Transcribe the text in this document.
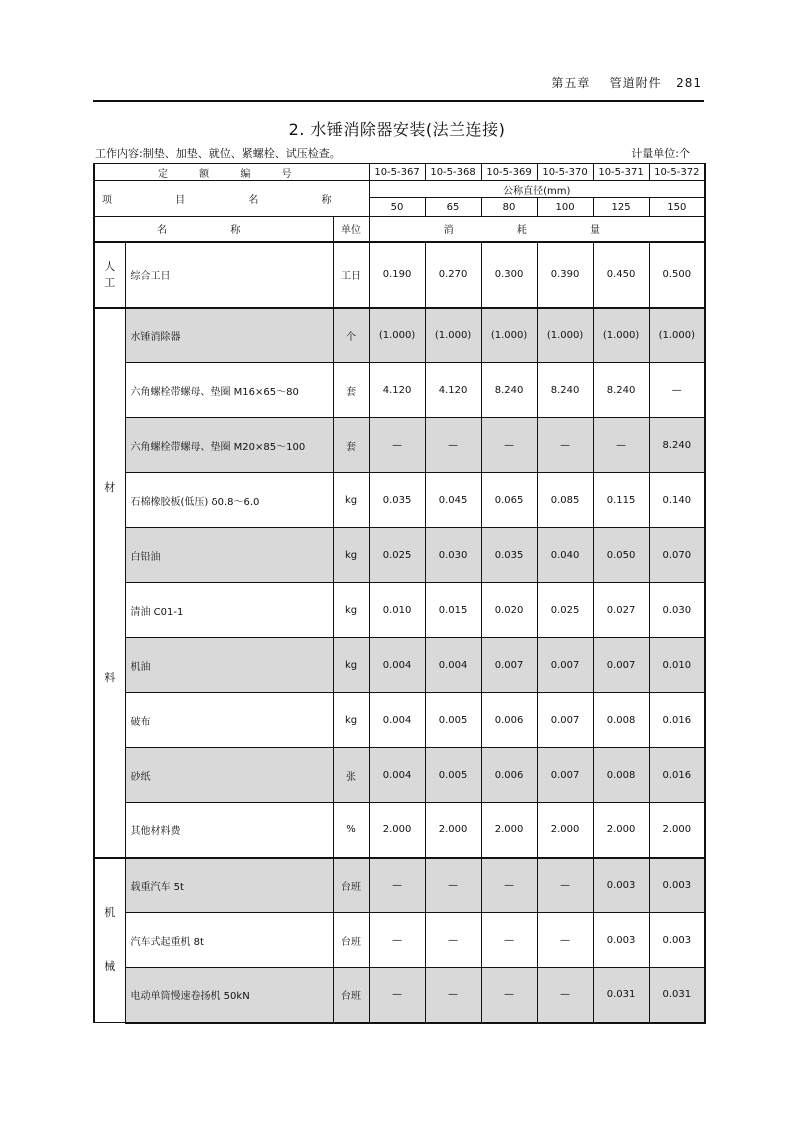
第五章 管道附件 281
2. 水锤消除器安装(法兰连接)
工作内容:制垫、加垫、就位、紧螺栓、试压检查。	计量单位:个
定 额 编 号			10-5-367	10-5-368	10-5-369	10-5-370	10-5-371	10-5-372
项 目 名 称			公称直径(mm)					
			50	65	80	100	125	150
名 称		单位	消 耗 量					
人工	综合工日	工日	0.190	0.270	0.300	0.390	0.450	0.500
材料	水锤消除器	个	(1.000)	(1.000)	(1.000)	(1.000)	(1.000)	(1.000)
	六角螺栓带螺母、垫圈 M16×65～80	套	4.120	4.120	8.240	8.240	8.240	—
	六角螺栓带螺母、垫圈 M20×85～100	套	—	—	—	—	—	8.240
	石棉橡胶板(低压) δ0.8～6.0	kg	0.035	0.045	0.065	0.085	0.115	0.140
	白铅油	kg	0.025	0.030	0.035	0.040	0.050	0.070
	清油 C01-1	kg	0.010	0.015	0.020	0.025	0.027	0.030
	机油	kg	0.004	0.004	0.007	0.007	0.007	0.010
	破布	kg	0.004	0.005	0.006	0.007	0.008	0.016
	砂纸	张	0.004	0.005	0.006	0.007	0.008	0.016
	其他材料费	%	2.000	2.000	2.000	2.000	2.000	2.000
机械	载重汽车 5t	台班	—	—	—	—	0.003	0.003
	汽车式起重机 8t	台班	—	—	—	—	0.003	0.003
	电动单筒慢速卷扬机 50kN	台班	—	—	—	—	0.031	0.031
